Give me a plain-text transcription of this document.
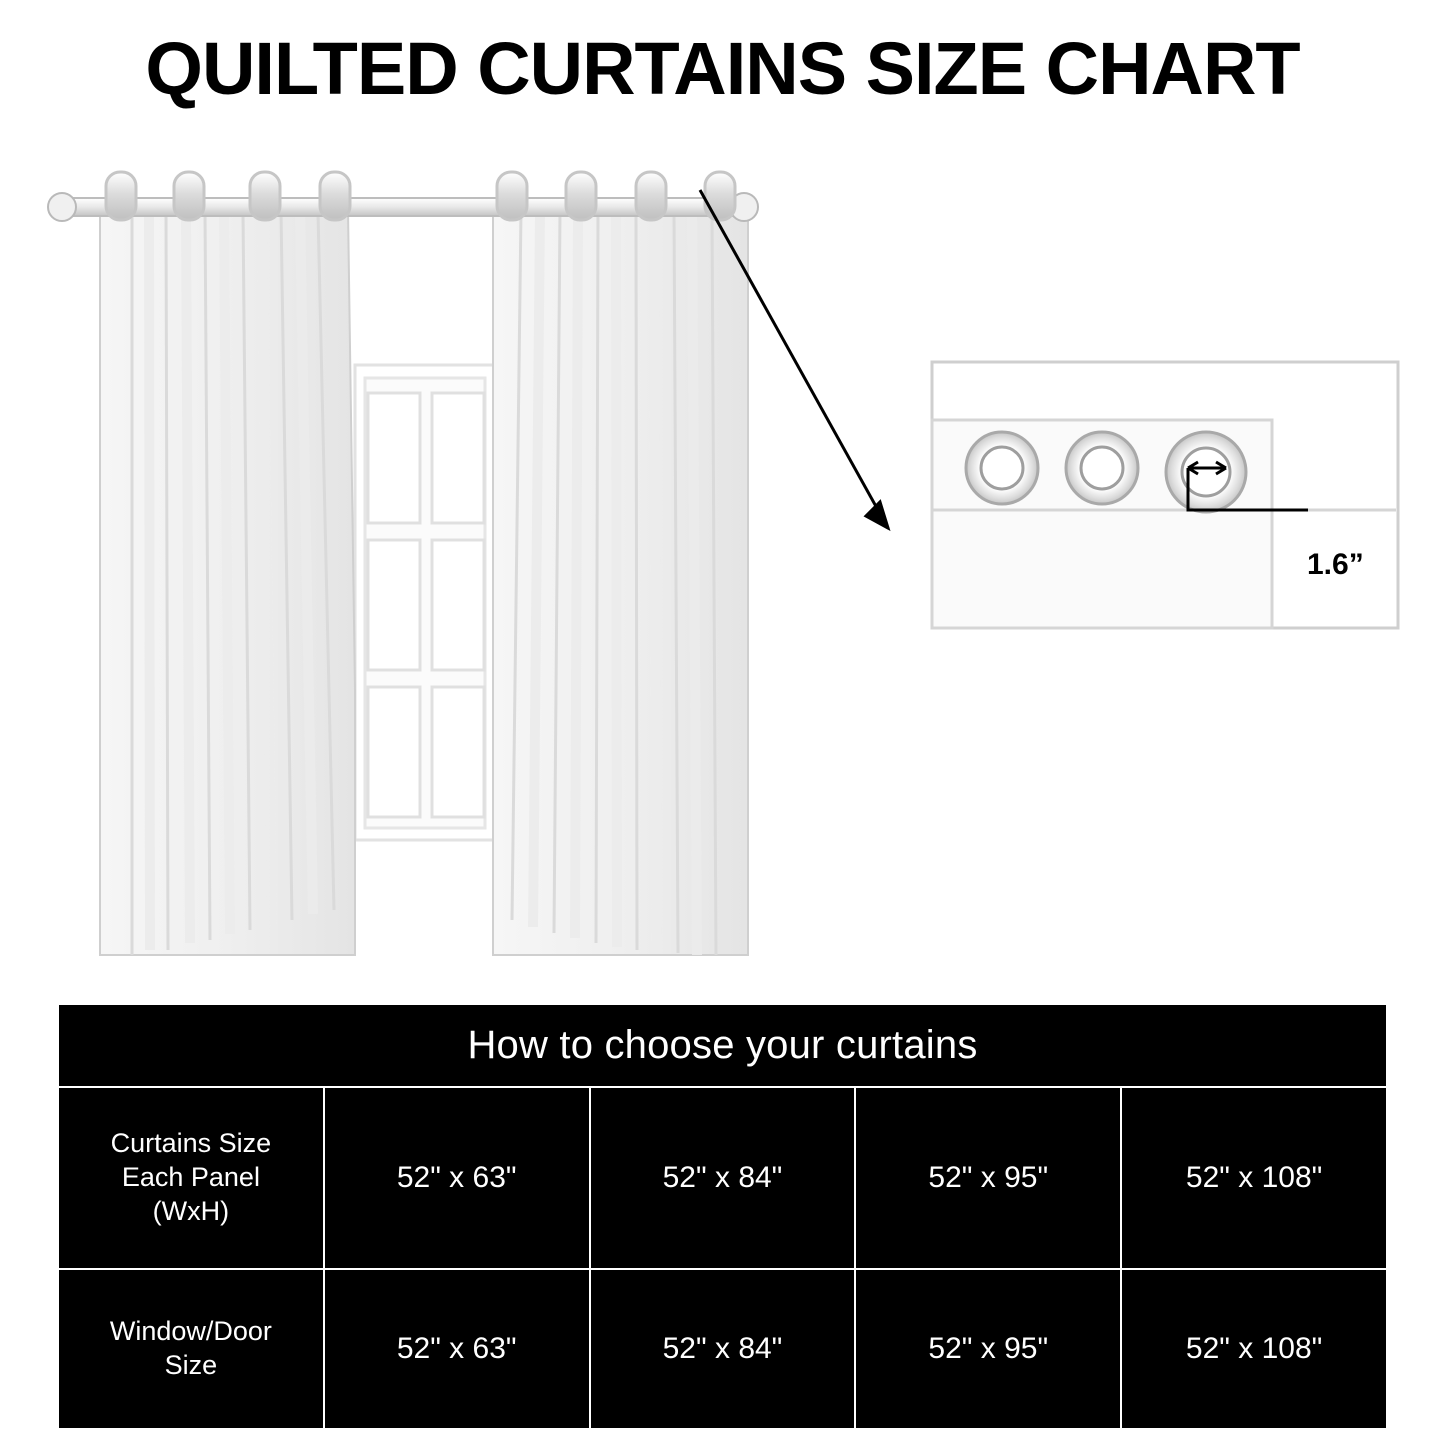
QUILTED CURTAINS SIZE CHART
1.6”
How to choose your curtains				

Curtains Size
Each Panel
(WxH)	52" x 63"	52" x 84"	52" x 95"	52" x 108"

Window/Door
Size	52" x 63"	52" x 84"	52" x 95"	52" x 108"
